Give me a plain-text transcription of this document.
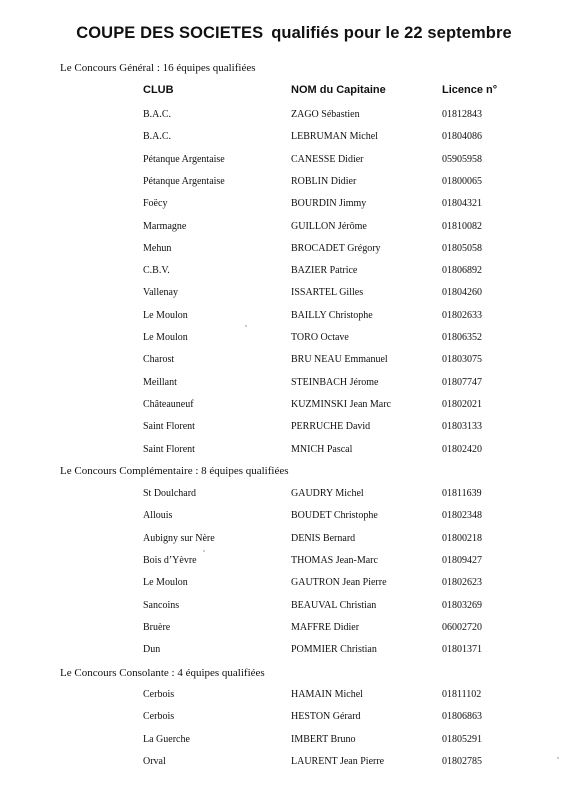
COUPE DES SOCIETES qualifiés pour le 22 septembre
Le Concours Général : 16 équipes qualifiées
CLUB	NOM du Capitaine	Licence n°
B.A.C.	ZAGO Sébastien	01812843
B.A.C.	LEBRUMAN Michel	01804086
Pétanque Argentaise	CANESSE Didier	05905958
Pétanque Argentaise	ROBLIN Didier	01800065
Foëcy	BOURDIN Jimmy	01804321
Marmagne	GUILLON Jérôme	01810082
Mehun	BROCADET Grégory	01805058
C.B.V.	BAZIER Patrice	01806892
Vallenay	ISSARTEL Gilles	01804260
Le Moulon	BAILLY Christophe	01802633
Le Moulon	TORO Octave	01806352
Charost	BRU NEAU Emmanuel	01803075
Meillant	STEINBACH Jérome	01807747
Châteauneuf	KUZMINSKI Jean Marc	01802021
Saint Florent	PERRUCHE David	01803133
Saint Florent	MNICH Pascal	01802420
Le Concours Complémentaire : 8 équipes qualifiées
St Doulchard	GAUDRY Michel	01811639
Allouis	BOUDET Christophe	01802348
Aubigny sur Nère	DENIS Bernard	01800218
Bois d’Yèvre	THOMAS Jean-Marc	01809427
Le Moulon	GAUTRON Jean Pierre	01802623
Sancoins	BEAUVAL Christian	01803269
Bruère	MAFFRE Didier	06002720
Dun	POMMIER Christian	01801371
Le Concours Consolante : 4 équipes qualifiées
Cerbois	HAMAIN Michel	01811102
Cerbois	HESTON Gérard	01806863
La Guerche	IMBERT Bruno	01805291
Orval	LAURENT Jean Pierre	01802785
